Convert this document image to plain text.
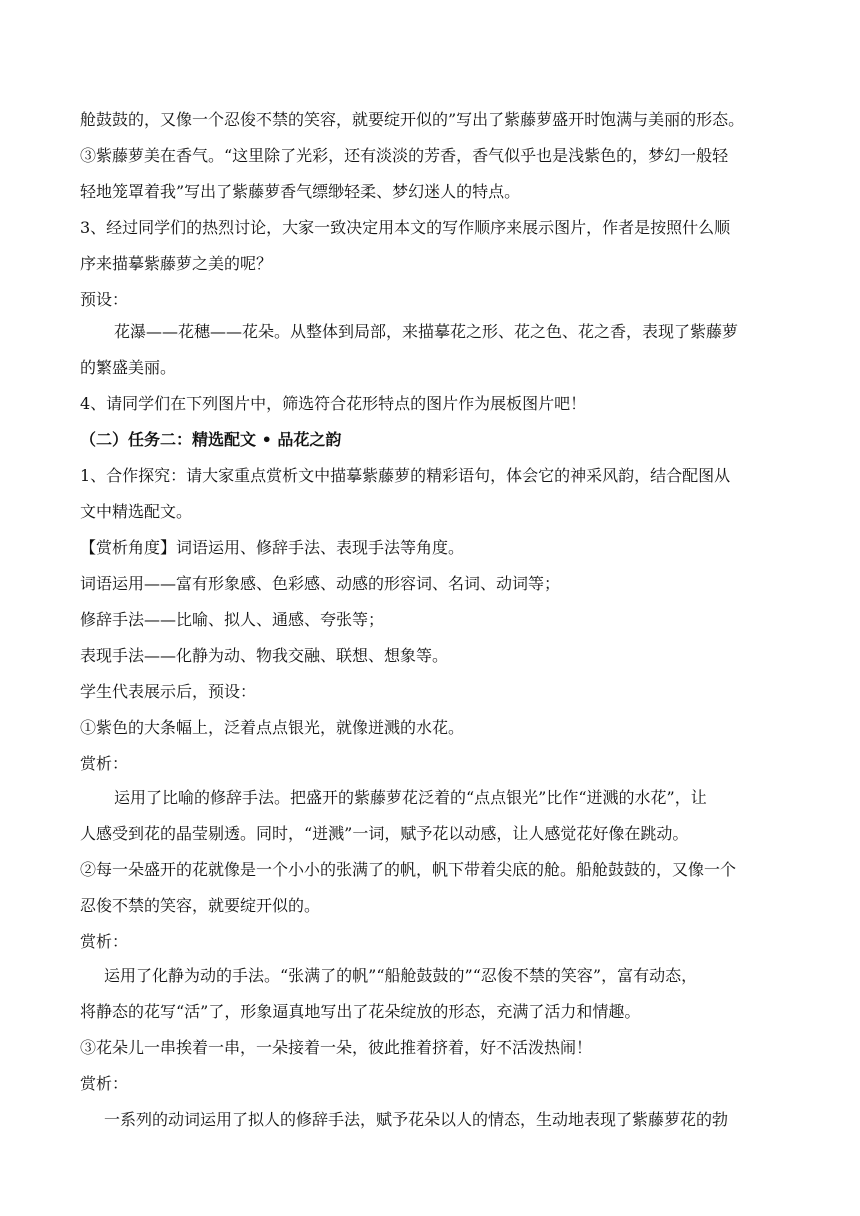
舱鼓鼓的，又像一个忍俊不禁的笑容，就要绽开似的”写出了紫藤萝盛开时饱满与美丽的形态。
③紫藤萝美在香气。“这里除了光彩，还有淡淡的芳香，香气似乎也是浅紫色的，梦幻一般轻
轻地笼罩着我”写出了紫藤萝香气缥缈轻柔、梦幻迷人的特点。
3、经过同学们的热烈讨论，大家一致决定用本文的写作顺序来展示图片，作者是按照什么顺
序来描摹紫藤萝之美的呢？
预设：
花瀑——花穗——花朵。从整体到局部，来描摹花之形、花之色、花之香，表现了紫藤萝
的繁盛美丽。
4、请同学们在下列图片中，筛选符合花形特点的图片作为展板图片吧！
（二）任务二：精选配文 • 品花之韵
1、合作探究：请大家重点赏析文中描摹紫藤萝的精彩语句，体会它的神采风韵，结合配图从
文中精选配文。
【赏析角度】词语运用、修辞手法、表现手法等角度。
词语运用——富有形象感、色彩感、动感的形容词、名词、动词等；
修辞手法——比喻、拟人、通感、夸张等；
表现手法——化静为动、物我交融、联想、想象等。
学生代表展示后，预设：
①紫色的大条幅上，泛着点点银光，就像迸溅的水花。
赏析：
运用了比喻的修辞手法。把盛开的紫藤萝花泛着的“点点银光”比作“迸溅的水花”，让
人感受到花的晶莹剔透。同时，“迸溅”一词，赋予花以动感，让人感觉花好像在跳动。
②每一朵盛开的花就像是一个小小的张满了的帆，帆下带着尖底的舱。船舱鼓鼓的，又像一个
忍俊不禁的笑容，就要绽开似的。
赏析：
运用了化静为动的手法。“张满了的帆”“船舱鼓鼓的”“忍俊不禁的笑容”，富有动态，
将静态的花写“活”了，形象逼真地写出了花朵绽放的形态，充满了活力和情趣。
③花朵儿一串挨着一串，一朵接着一朵，彼此推着挤着，好不活泼热闹！
赏析：
一系列的动词运用了拟人的修辞手法，赋予花朵以人的情态，生动地表现了紫藤萝花的勃
